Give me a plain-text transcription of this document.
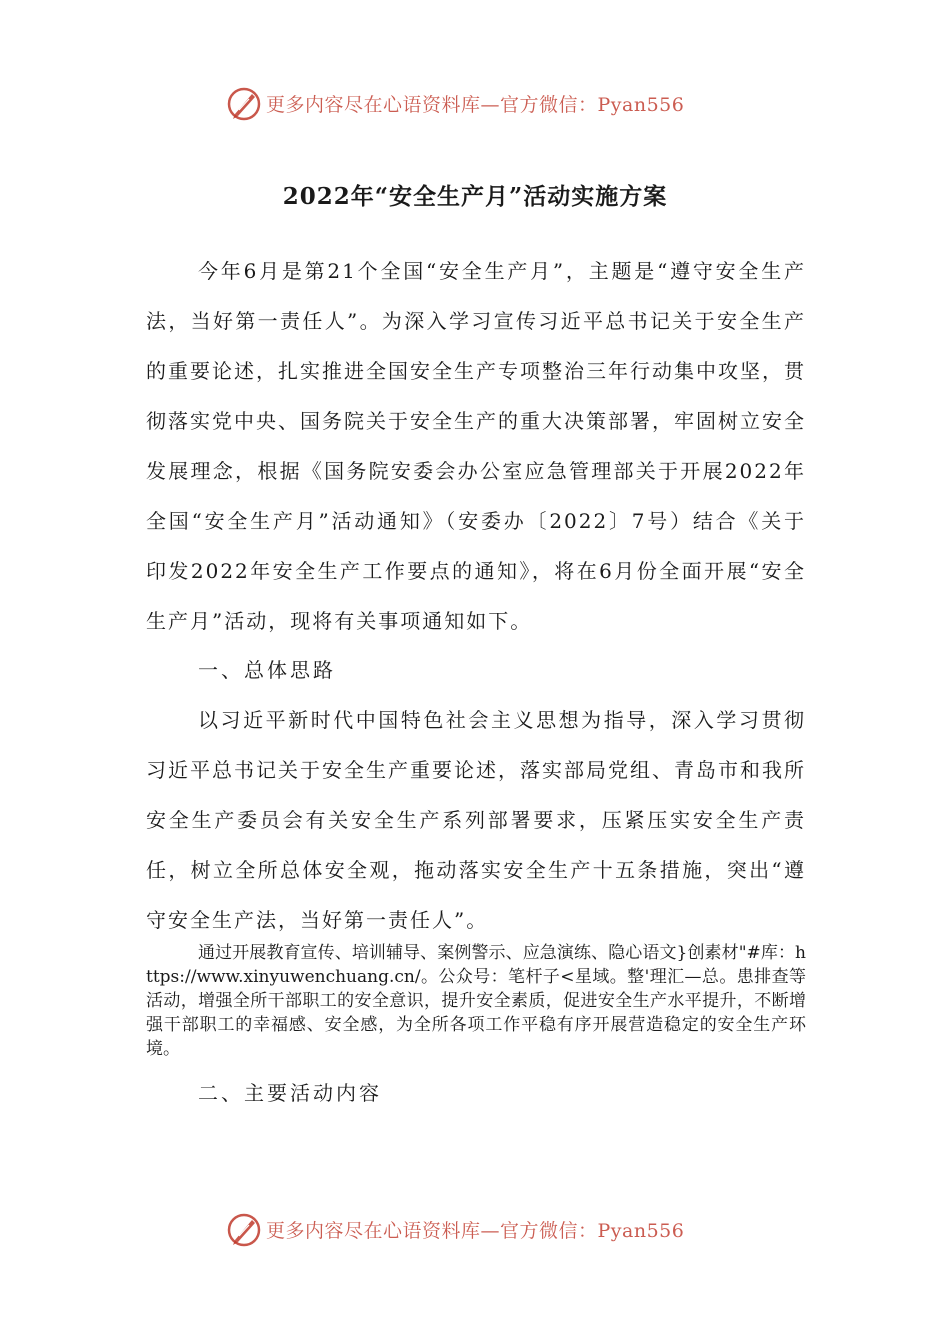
更多内容尽在心语资料库—官方微信：Pyan556
2022年“安全生产月”活动实施方案
今年6月是第21个全国“安全生产月”，主题是“遵守安全生产法，当好第一责任人”。为深入学习宣传习近平总书记关于安全生产的重要论述，扎实推进全国安全生产专项整治三年行动集中攻坚，贯彻落实党中央、国务院关于安全生产的重大决策部署，牢固树立安全发展理念，根据《国务院安委会办公室应急管理部关于开展2022年全国“安全生产月”活动通知》（安委办〔2022〕7号）结合《关于印发2022年安全生产工作要点的通知》，将在6月份全面开展“安全生产月”活动，现将有关事项通知如下。
一、总体思路
以习近平新时代中国特色社会主义思想为指导，深入学习贯彻习近平总书记关于安全生产重要论述，落实部局党组、青岛市和我所安全生产委员会有关安全生产系列部署要求，压紧压实安全生产责任，树立全所总体安全观，拖动落实安全生产十五条措施，突出“遵守安全生产法，当好第一责任人”。
通过开展教育宣传、培训辅导、案例警示、应急演练、隐心语文}创素材"#库：https://www.xinyuwenchuang.cn/。公众号：笔杆子<星域。整'理汇—总。患排查等活动，增强全所干部职工的安全意识，提升安全素质，促进安全生产水平提升，不断增强干部职工的幸福感、安全感，为全所各项工作平稳有序开展营造稳定的安全生产环境。
二、主要活动内容
更多内容尽在心语资料库—官方微信：Pyan556
